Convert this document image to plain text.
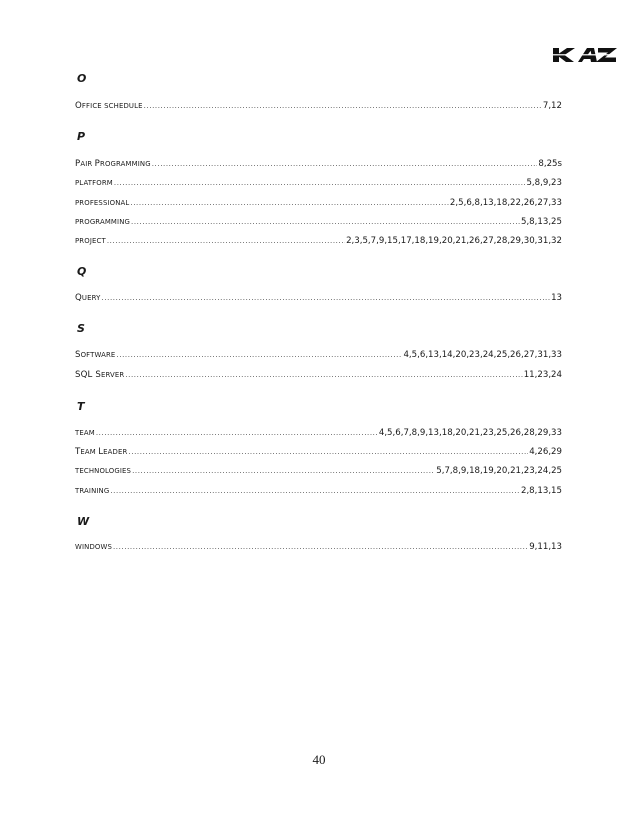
O
OFFICE SCHEDULE .....	7,12
P
PAIR PROGRAMMING .....	8,25s
PLATFORM .....	5,8,9,23
PROFESSIONAL .....	2,5,6,8,13,18,22,26,27,33
PROGRAMMING .....	5,8,13,25
PROJECT .....	2,3,5,7,9,15,17,18,19,20,21,26,27,28,29,30,31,32
Q
QUERY .....	13
S
SOFTWARE .....	4,5,6,13,14,20,23,24,25,26,27,31,33
SQL SERVER .....	11,23,24
T
TEAM .....	4,5,6,7,8,9,13,18,20,21,23,25,26,28,29,33
TEAM LEADER .....	4,26,29
TECHNOLOGIES .....	5,7,8,9,18,19,20,21,23,24,25
TRAINING .....	2,8,13,15
W
WINDOWS .....	9,11,13
40
